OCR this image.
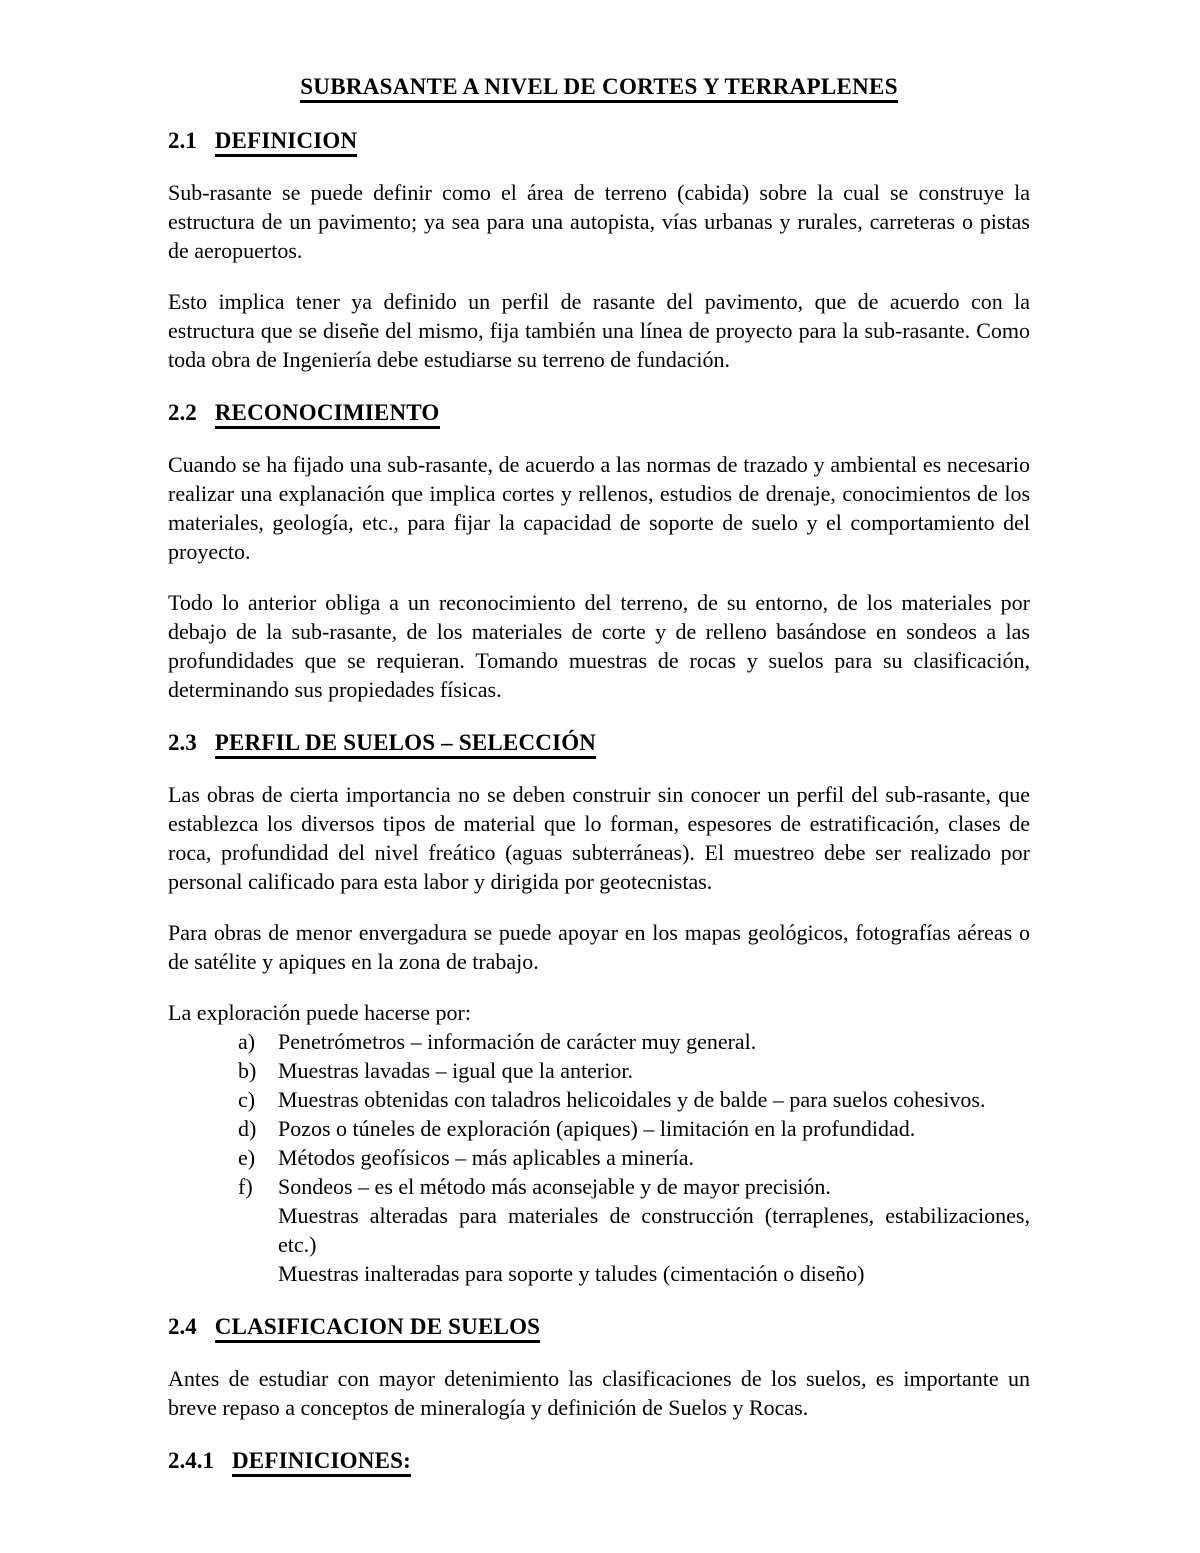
SUBRASANTE A NIVEL DE CORTES Y TERRAPLENES
2.1 DEFINICION

Sub-rasante se puede definir como el área de terreno (cabida) sobre la cual se construye la estructura de un pavimento; ya sea para una autopista, vías urbanas y rurales, carreteras o pistas de aeropuertos.

Esto implica tener ya definido un perfil de rasante del pavimento, que de acuerdo con la estructura que se diseñe del mismo, fija también una línea de proyecto para la sub-rasante. Como toda obra de Ingeniería debe estudiarse su terreno de fundación.

2.2 RECONOCIMIENTO

Cuando se ha fijado una sub-rasante, de acuerdo a las normas de trazado y ambiental es necesario realizar una explanación que implica cortes y rellenos, estudios de drenaje, conocimientos de los materiales, geología, etc., para fijar la capacidad de soporte de suelo y el comportamiento del proyecto.

Todo lo anterior obliga a un reconocimiento del terreno, de su entorno, de los materiales por debajo de la sub-rasante, de los materiales de corte y de relleno basándose en sondeos a las profundidades que se requieran. Tomando muestras de rocas y suelos para su clasificación, determinando sus propiedades físicas.

2.3 PERFIL DE SUELOS – SELECCIÓN

Las obras de cierta importancia no se deben construir sin conocer un perfil del sub-rasante, que establezca los diversos tipos de material que lo forman, espesores de estratificación, clases de roca, profundidad del nivel freático (aguas subterráneas). El muestreo debe ser realizado por personal calificado para esta labor y dirigida por geotecnistas.

Para obras de menor envergadura se puede apoyar en los mapas geológicos, fotografías aéreas o de satélite y apiques en la zona de trabajo.

La exploración puede hacerse por:

a)	Penetrómetros – información de carácter muy general.
b) Muestras lavadas – igual que la anterior.
c)	Muestras obtenidas con taladros helicoidales y de balde – para suelos cohesivos.
d) Pozos o túneles de exploración (apiques) – limitación en la profundidad.
e)	Métodos geofísicos – más aplicables a minería.
f)	Sondeos – es el método más aconsejable y de mayor precisión.
Muestras alteradas para materiales de construcción (terraplenes, estabilizaciones, etc.)
Muestras inalteradas para soporte y taludes (cimentación o diseño)
2.4 CLASIFICACION DE SUELOS

Antes de estudiar con mayor detenimiento las clasificaciones de los suelos, es importante un breve repaso a conceptos de mineralogía y definición de Suelos y Rocas.

2.4.1 DEFINICIONES:
